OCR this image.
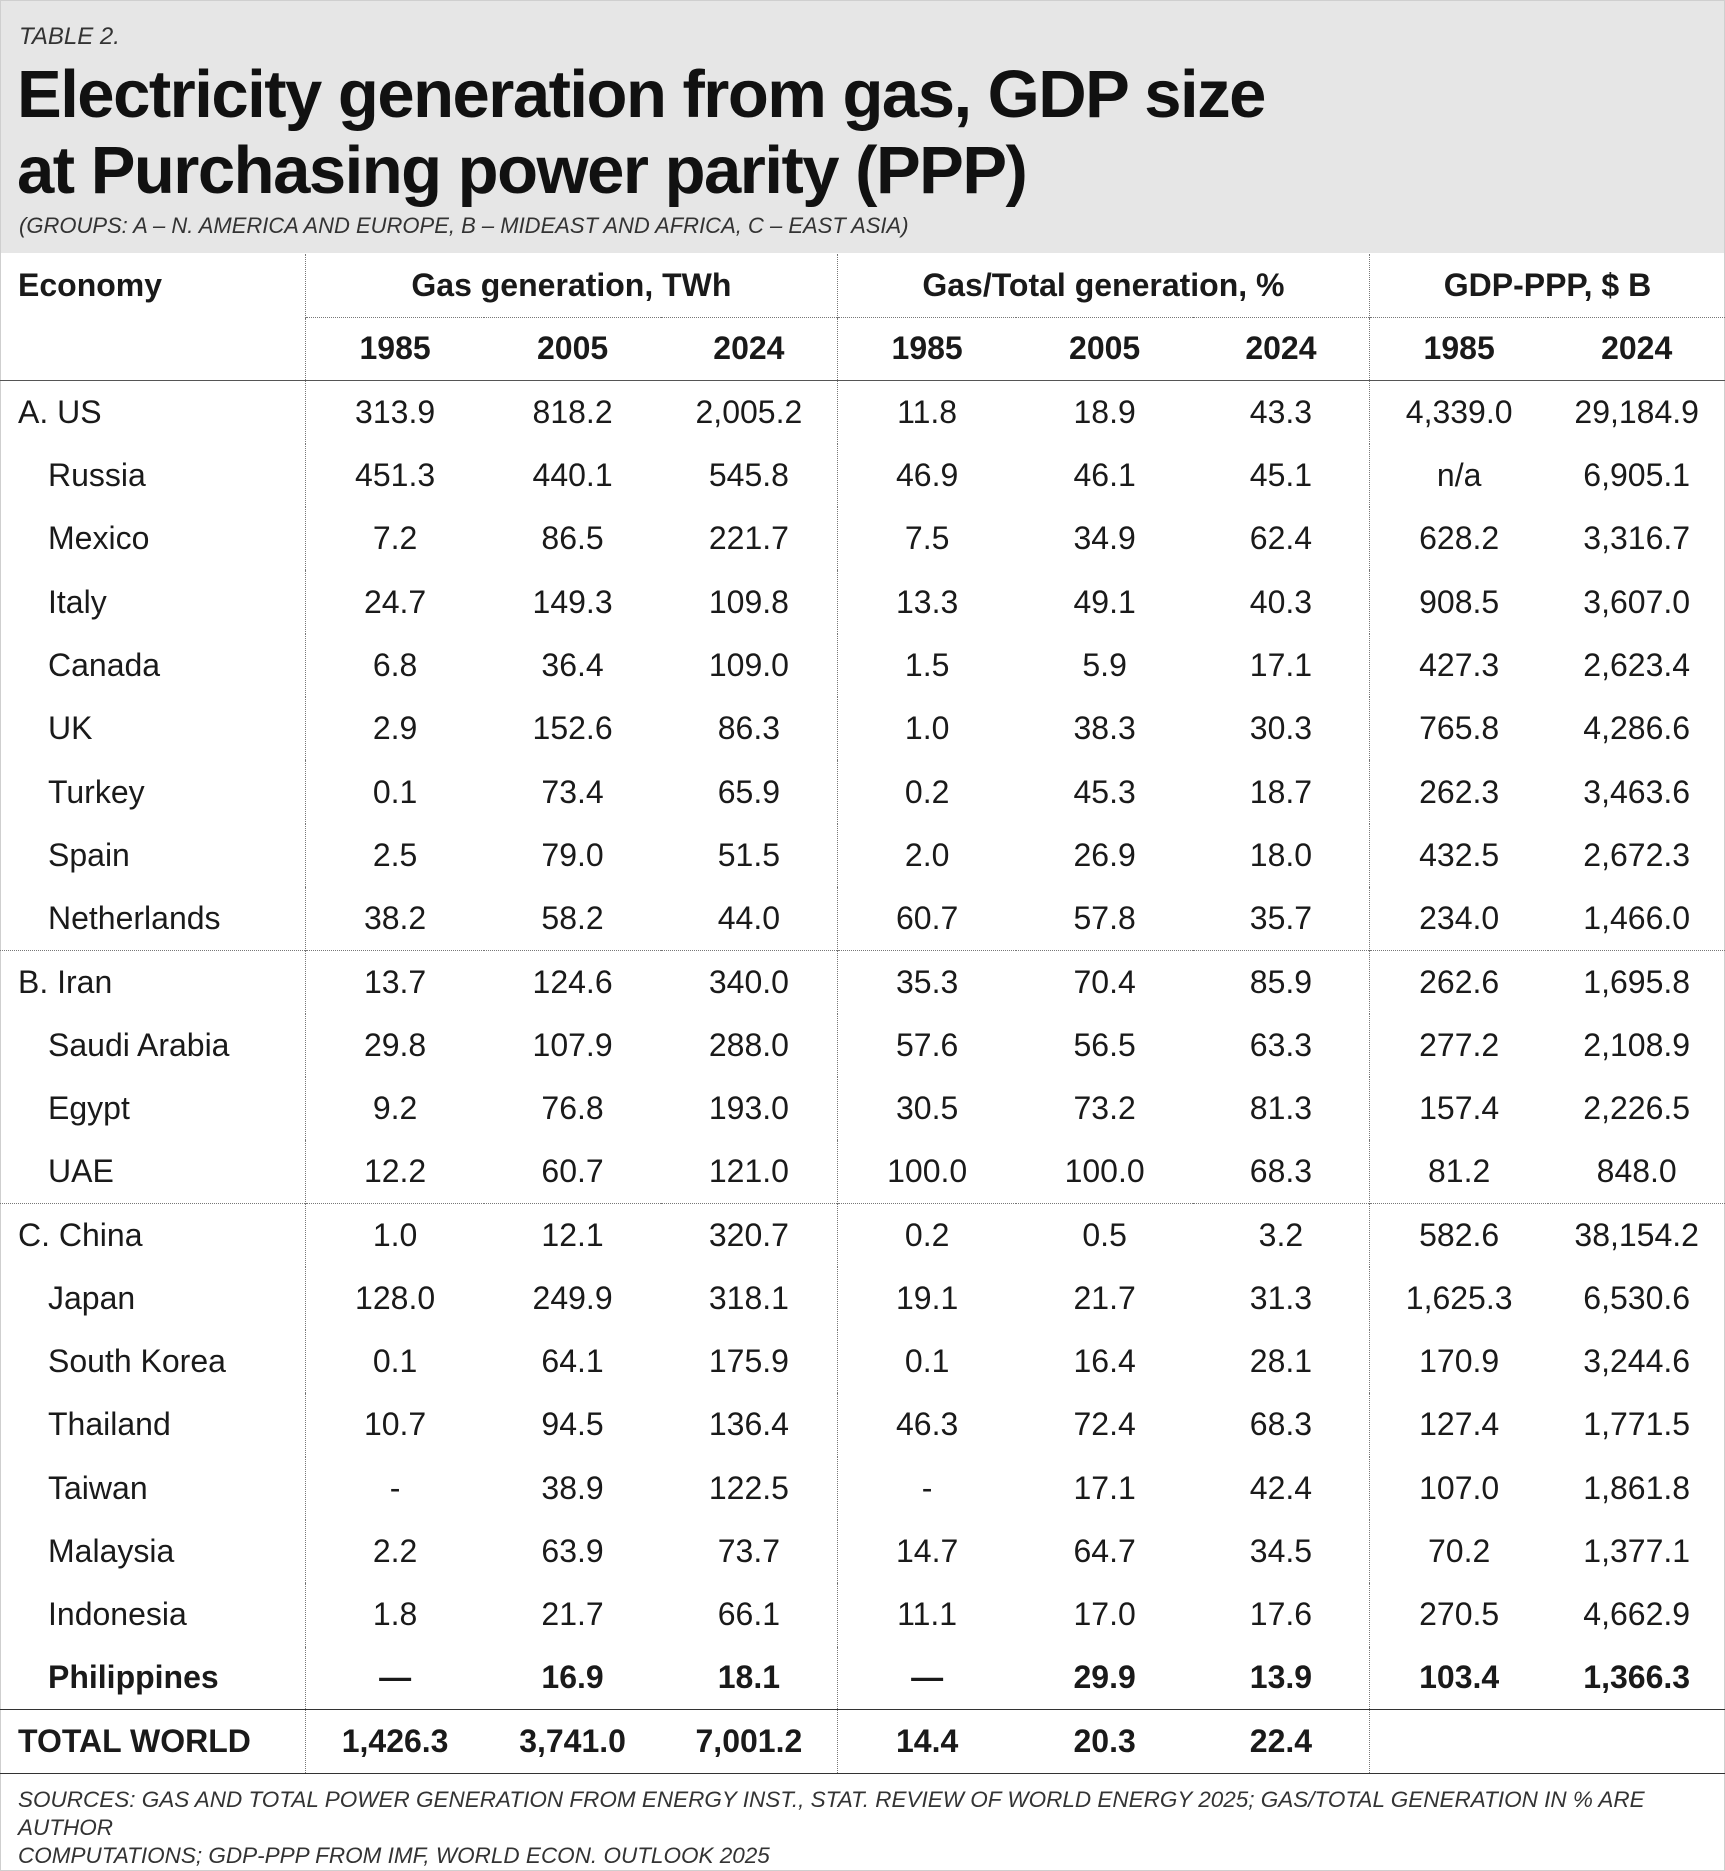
TABLE 2.
Electricity generation from gas, GDP size
at Purchasing power parity (PPP)
(GROUPS: A – N. AMERICA AND EUROPE, B – MIDEAST AND AFRICA, C – EAST ASIA)
Economy	Gas generation, TWh			Gas/Total generation, %			GDP-PPP, $ B	
	1985	2005	2024	1985	2005	2024	1985	2024
A. US	313.9	818.2	2,005.2	11.8	18.9	43.3	4,339.0	29,184.9
Russia	451.3	440.1	545.8	46.9	46.1	45.1	n/a	6,905.1
Mexico	7.2	86.5	221.7	7.5	34.9	62.4	628.2	3,316.7
Italy	24.7	149.3	109.8	13.3	49.1	40.3	908.5	3,607.0
Canada	6.8	36.4	109.0	1.5	5.9	17.1	427.3	2,623.4
UK	2.9	152.6	86.3	1.0	38.3	30.3	765.8	4,286.6
Turkey	0.1	73.4	65.9	0.2	45.3	18.7	262.3	3,463.6
Spain	2.5	79.0	51.5	2.0	26.9	18.0	432.5	2,672.3
Netherlands	38.2	58.2	44.0	60.7	57.8	35.7	234.0	1,466.0
B. Iran	13.7	124.6	340.0	35.3	70.4	85.9	262.6	1,695.8
Saudi Arabia	29.8	107.9	288.0	57.6	56.5	63.3	277.2	2,108.9
Egypt	9.2	76.8	193.0	30.5	73.2	81.3	157.4	2,226.5
UAE	12.2	60.7	121.0	100.0	100.0	68.3	81.2	848.0
C. China	1.0	12.1	320.7	0.2	0.5	3.2	582.6	38,154.2
Japan	128.0	249.9	318.1	19.1	21.7	31.3	1,625.3	6,530.6
South Korea	0.1	64.1	175.9	0.1	16.4	28.1	170.9	3,244.6
Thailand	10.7	94.5	136.4	46.3	72.4	68.3	127.4	1,771.5
Taiwan	-	38.9	122.5	-	17.1	42.4	107.0	1,861.8
Malaysia	2.2	63.9	73.7	14.7	64.7	34.5	70.2	1,377.1
Indonesia	1.8	21.7	66.1	11.1	17.0	17.6	270.5	4,662.9
Philippines	—	16.9	18.1	—	29.9	13.9	103.4	1,366.3
TOTAL WORLD	1,426.3	3,741.0	7,001.2	14.4	20.3	22.4		
SOURCES: GAS AND TOTAL POWER GENERATION FROM ENERGY INST., STAT. REVIEW OF WORLD ENERGY 2025; GAS/TOTAL GENERATION IN % ARE AUTHOR
COMPUTATIONS; GDP-PPP FROM IMF, WORLD ECON. OUTLOOK 2025
